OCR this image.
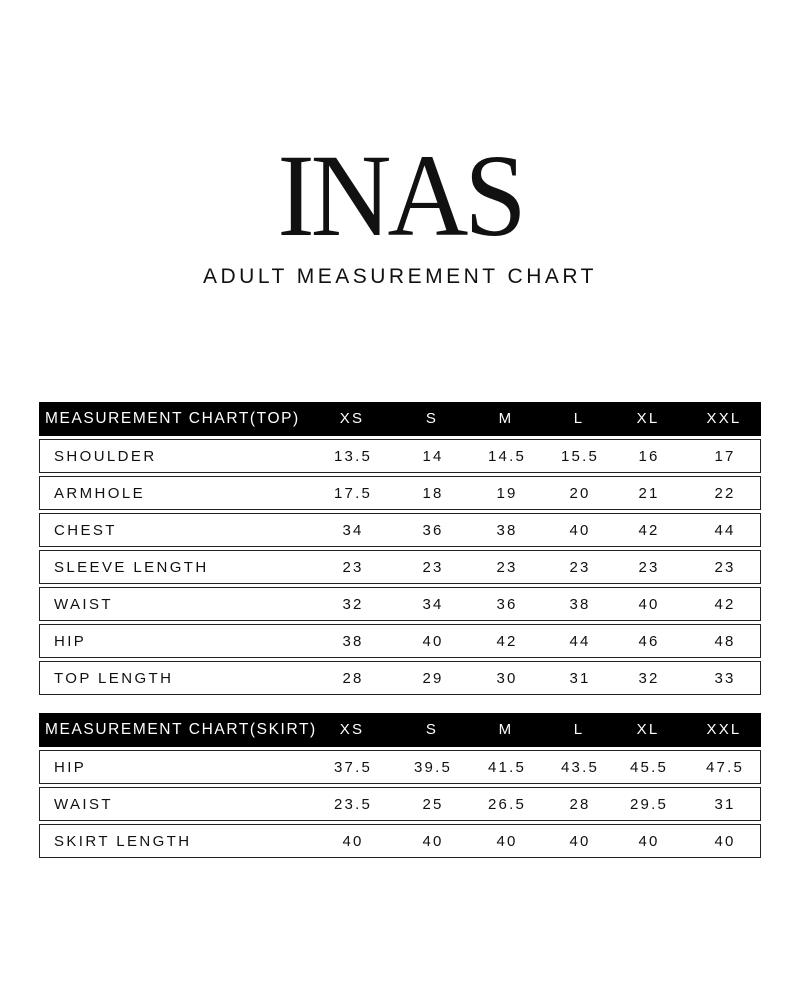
INAS
ADULT MEASUREMENT CHART
MEASUREMENT CHART(TOP)	XS	S	M	L	XL	XXL
SHOULDER	13.5	14	14.5	15.5	16	17
ARMHOLE	17.5	18	19	20	21	22
CHEST	34	36	38	40	42	44
SLEEVE LENGTH	23	23	23	23	23	23
WAIST	32	34	36	38	40	42
HIP	38	40	42	44	46	48
TOP LENGTH	28	29	30	31	32	33
MEASUREMENT CHART(SKIRT)	XS	S	M	L	XL	XXL
HIP	37.5	39.5	41.5	43.5	45.5	47.5
WAIST	23.5	25	26.5	28	29.5	31
SKIRT LENGTH	40	40	40	40	40	40
